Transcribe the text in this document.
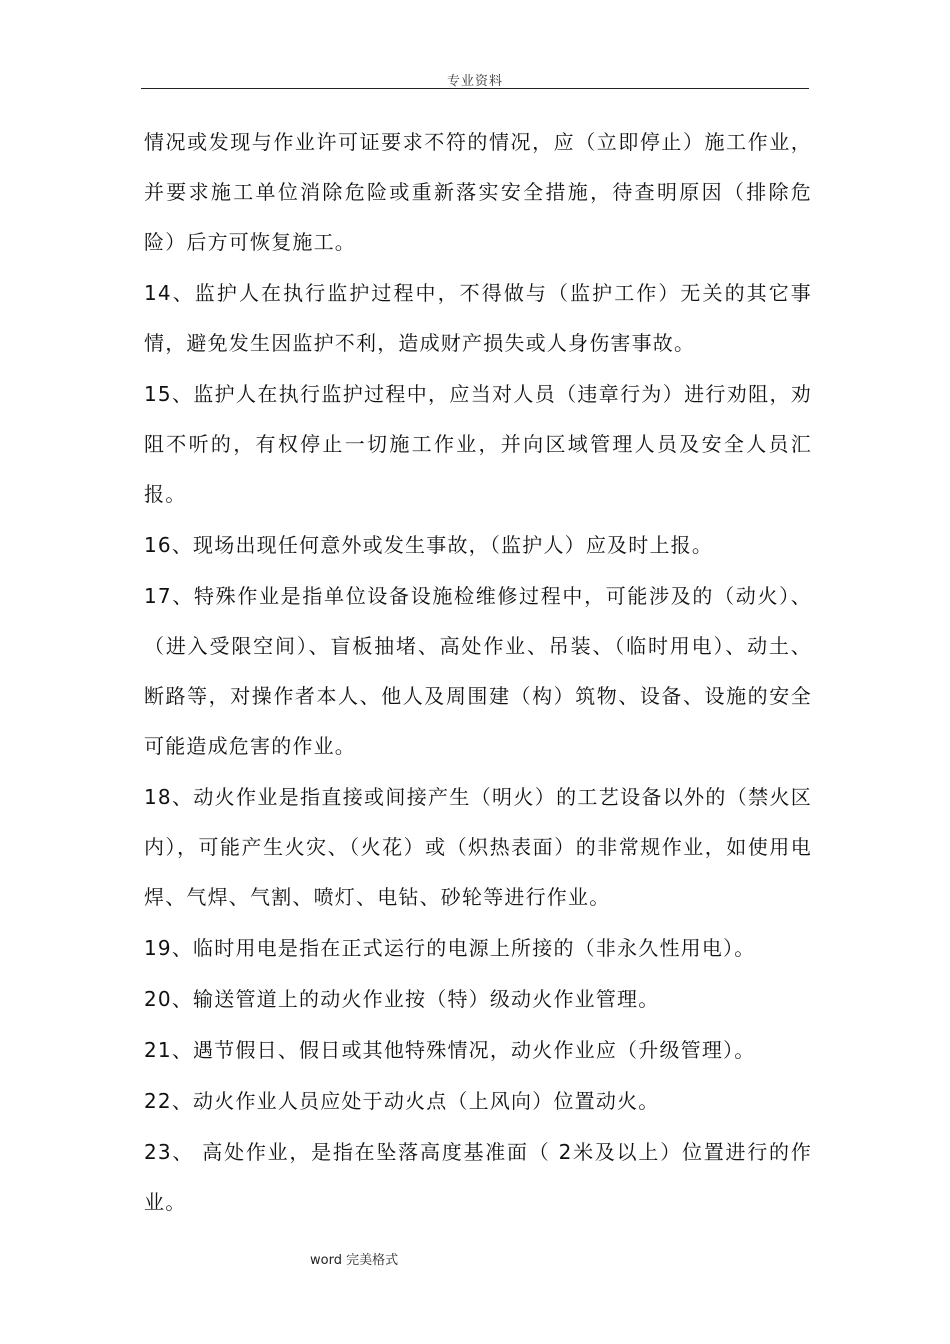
专业资料

情况或发现与作业许可证要求不符的情况，应（立即停止）施工作业，并要求施工单位消除危险或重新落实安全措施，待查明原因（排除危险）后方可恢复施工。

14、监护人在执行监护过程中，不得做与（监护工作）无关的其它事情，避免发生因监护不利，造成财产损失或人身伤害事故。

15、监护人在执行监护过程中，应当对人员（违章行为）进行劝阻，劝阻不听的，有权停止一切施工作业，并向区域管理人员及安全人员汇报。

16、现场出现任何意外或发生事故，（监护人）应及时上报。

17、特殊作业是指单位设备设施检维修过程中，可能涉及的（动火）、（进入受限空间）、盲板抽堵、高处作业、吊装、（临时用电）、动土、断路等，对操作者本人、他人及周围建（构）筑物、设备、设施的安全可能造成危害的作业。

18、动火作业是指直接或间接产生（明火）的工艺设备以外的（禁火区内），可能产生火灾、（火花）或（炽热表面）的非常规作业，如使用电焊、气焊、气割、喷灯、电钻、砂轮等进行作业。

19、临时用电是指在正式运行的电源上所接的（非永久性用电）。

20、输送管道上的动火作业按（特）级动火作业管理。

21、遇节假日、假日或其他特殊情况，动火作业应（升级管理）。

22、动火作业人员应处于动火点（上风向）位置动火。

23、 高处作业，是指在坠落高度基准面（ 2米及以上）位置进行的作业。

word 完美格式
